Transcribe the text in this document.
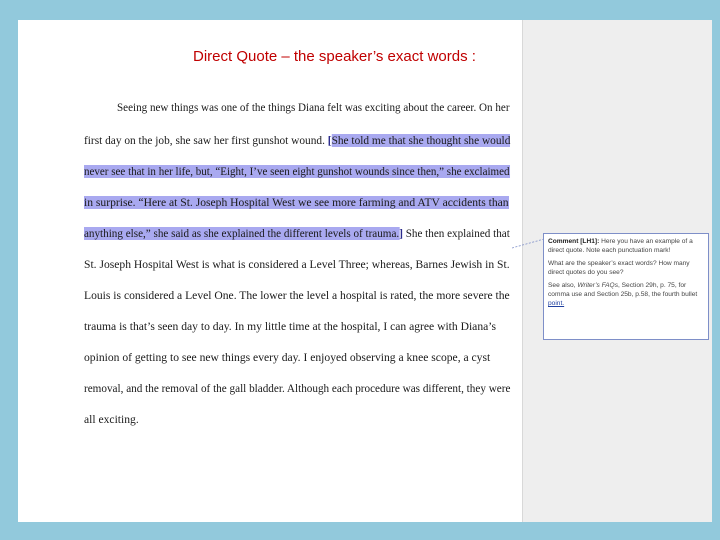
Direct Quote – the speaker’s exact words :
Seeing new things was one of the things Diana felt was exciting about the career. On her
first day on the job, she saw her first gunshot wound. [She told me that she thought she would
never see that in her life, but, “Eight, I’ve seen eight gunshot wounds since then,” she exclaimed
in surprise. “Here at St. Joseph Hospital West we see more farming and ATV accidents than
anything else,” she said as she explained the different levels of trauma.] She then explained that
St. Joseph Hospital West is what is considered a Level Three; whereas, Barnes Jewish in St.
Louis is considered a Level One. The lower the level a hospital is rated, the more severe the
trauma is that’s seen day to day. In my little time at the hospital, I can agree with Diana’s
opinion of getting to see new things every day. I enjoyed observing a knee scope, a cyst
removal, and the removal of the gall bladder. Although each procedure was different, they were
all exciting.

Comment [LH1]: Here you have an example of a direct quote. Note each punctuation mark!

What are the speaker’s exact words? How many direct quotes do you see?

See also, Writer’s FAQs, Section 29h, p. 75, for comma use and Section 25b, p.58, the fourth bullet point.
